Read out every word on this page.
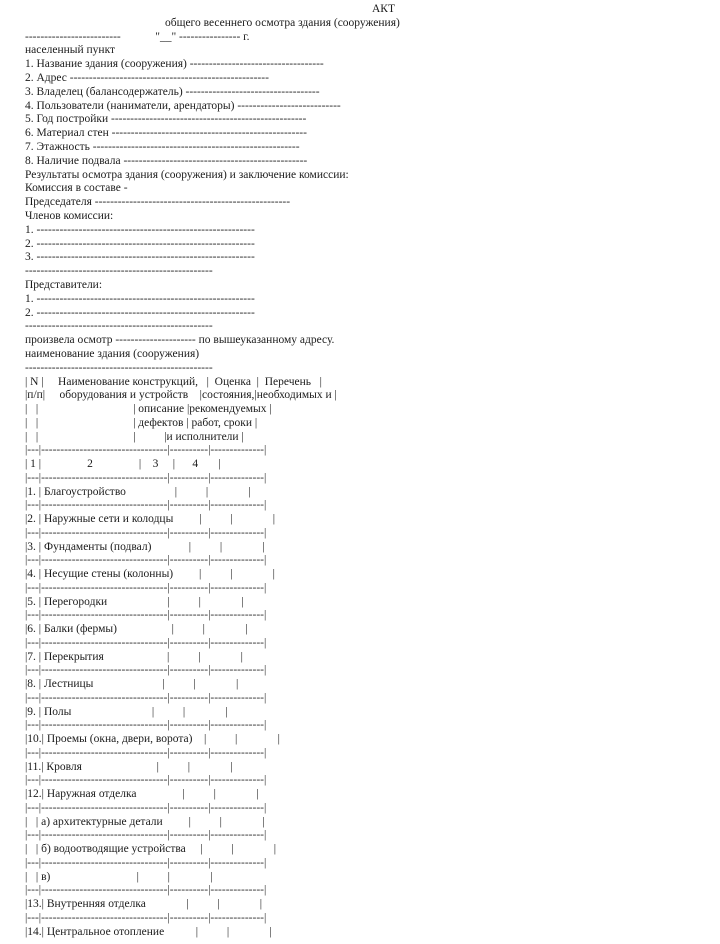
АКТ
общего весеннего осмотра здания (сооружения)
-------------------------	"__" ---------------- г.
населенный пункт
1. Название здания (сооружения) -----------------------------------
2. Адрес ----------------------------------------------------
3. Владелец (балансодержатель) -----------------------------------
4. Пользователи (наниматели, арендаторы) ---------------------------
5. Год постройки ---------------------------------------------------
6. Материал стен ---------------------------------------------------
7. Этажность ------------------------------------------------------
8. Наличие подвала ------------------------------------------------
Результаты осмотра здания (сооружения) и заключение комиссии:
Комиссия в составе -
Председателя ---------------------------------------------------
Членов комиссии:
1. ---------------------------------------------------------
2. ---------------------------------------------------------
3. ---------------------------------------------------------
-------------------------------------------------
Представители:
1. ---------------------------------------------------------
2. ---------------------------------------------------------
-------------------------------------------------
произвела осмотр --------------------- по вышеуказанному адресу.
наименование здания (сооружения)
-------------------------------------------------
| N |     Наименование конструкций,   |  Оценка  |  Перечень   |
|п/п|     оборудования и устройств    |состояния,|необходимых и |
|   |                                 | описание |рекомендуемых |
|   |                                 | дефектов | работ, сроки |
|   |                                 |          |и исполнители |
|---|---------------------------------|----------|--------------|
| 1 |                2                |    3     |      4       |
|---|---------------------------------|----------|--------------|
|1. | Благоустройство                 |          |              |
|---|---------------------------------|----------|--------------|
|2. | Наружные сети и колодцы         |          |              |
|---|---------------------------------|----------|--------------|
|3. | Фундаменты (подвал)             |          |              |
|---|---------------------------------|----------|--------------|
|4. | Несущие стены (колонны)         |          |              |
|---|---------------------------------|----------|--------------|
|5. | Перегородки                     |          |              |
|---|---------------------------------|----------|--------------|
|6. | Балки (фермы)                   |          |              |
|---|---------------------------------|----------|--------------|
|7. | Перекрытия                      |          |              |
|---|---------------------------------|----------|--------------|
|8. | Лестницы                        |          |              |
|---|---------------------------------|----------|--------------|
|9. | Полы                            |          |              |
|---|---------------------------------|----------|--------------|
|10.| Проемы (окна, двери, ворота)    |          |              |
|---|---------------------------------|----------|--------------|
|11.| Кровля                          |          |              |
|---|---------------------------------|----------|--------------|
|12.| Наружная отделка                |          |              |
|---|---------------------------------|----------|--------------|
|   | а) архитектурные детали         |          |              |
|---|---------------------------------|----------|--------------|
|   | б) водоотводящие устройства     |          |              |
|---|---------------------------------|----------|--------------|
|   | в)                              |          |              |
|---|---------------------------------|----------|--------------|
|13.| Внутренняя отделка              |          |              |
|---|---------------------------------|----------|--------------|
|14.| Центральное отопление           |          |              |
